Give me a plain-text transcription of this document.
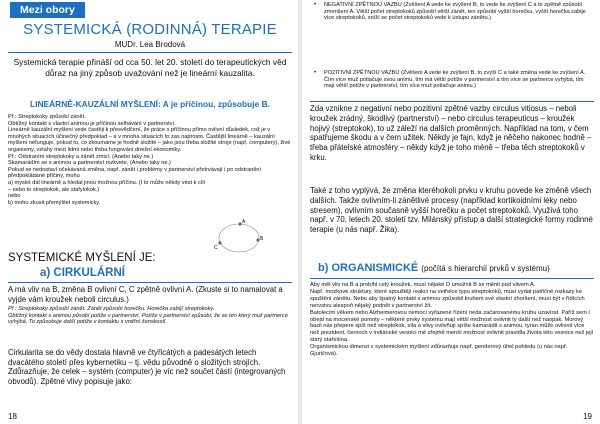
Mezi obory
SYSTEMICKÁ (RODINNÁ) TERAPIE
MUDr. Lea Brodová
Systemická terapie přináší od cca 50. let 20. století do terapeutických věd důraz na jiný způsob uvažování než je lineární kauzalita.
LINEÁRNĚ-KAUZÁLNÍ MYŠLENÍ: A je příčinou, způsobuje B.

Př.: Streptokoky způsobí zánět.

Obtížný kontakt s vlastní animou je příčinou selhávání v partnerství.

Lineárně kauzální myšlení vede častěji k přesvědčení, že práce s příčinou přímo ovlivní důsledek, což je v mnohých situacích účinečný předpoklad – a v mnoha situacích to zas naprosto. Častější lineárně – kauzální myšlení nefunguje, pokud to, co zkoumáme je hodně složité – jako jsou třeba složité stroje (např. computery), živé organismy, vztahy mezi lidmi nebo třeba fungování dnešní ekonomiky.

Př.: Odstraním streptokoky a zánět zmizí. (Anebo taky ne.)

Skamarádím se s animou a partnerství rozkvete. (Anebo taky ne.)

Pokud se nedostaví očekávaná změna, např. zánět i problémy v partnerství přetrvávají i po odstranění předpokládané příčiny, mohu

a) myslet dál lineárně a hledat jinou možnou příčinu. (I to může někdy vést k cíli – nebo to streptokok, ale stafylokok.)

nebo

b) mohu zkusit přemýšlet systemicky.

A
B
C
SYSTEMICKÉ MYŠLENÍ JE:
a) CIRKULÁRNÍ
A má vliv na B, změna B ovlivní C, C zpětně ovlivní A. (Zkuste si to namalovat a vyjde vám kroužek neboli circulus.)

Př.: Streptokoky způsobí zánět. Zánět způsobí horečku. Horečka zabíjí streptokoky.

Obtížný kontakt s animou působí potíže v partnerství. Potíže v partnerství způsobí, že se ten který muž partnerce vyhýbá. To způsobuje další potíže v kontaktu s vnitřní ženskostí.

Cirkularita se do vědy dostala hlavně ve čtyřicátých a padesátých letech dvacátého století přes kybernetiku – tj. vědu původně o složitých strojích. Zdůrazňuje, že celek – systém (computer) je víc než součet částí (integrovaných obvodů). Zpětné vlivy popisuje jako:
18
• NEGATIVNÍ ZPĚTNOU VAZBU (Zvěšení A vede ke zvýšení B, to vede ke zvýšení C a to zpětně způsobí zmenšení A. Větší počet streptokoků způsobí větší zánět, ten způsobí vyšší horečku, vyšší horečka zabije více streptokoků, sníží se počet streptokoků vede k ústupu zánětu.)
• POZITIVNÍ ZPĚTNOU VAZBU (Zvěšení A vede ke zvýšení B, to zvýší C a také změna vede ke zvýšení A. Čím více muž potlačuje svou animu, tím má větší potíže v partnerství a tím více se partnerce vyhýbá, tím mají větší potíže v partnerství, tím více muž potlačuje animu.)
Zda vznikne z negativní nebo pozitivní zpětné vazby circulus vitiosus – neboli kroužek zrádný, škodlivý (partnerství) – nebo circulus terapeuticus – kroužek hojivý (streptokok), to už záleží na dalších proměnných. Například na tom, v čem spatřujeme škodu a v čem užitek. Někdy je fajn, když je něčeho nakonec hodně – třeba přátelské atmosféry – někdy když je toho méně – třeba těch streptokoků v krku.
Také z toho vyplývá, že změna kteréhokoli prvku v kruhu povede ke změně všech dalších. Takže ovlivním-li zánětlivé procesy (například kortikoidními léky nebo stresem), ovlivním současně vyšší horečku a počet streptokoků. Využívá toho např. v 70. letech 20. století tzv. Milánský přístup a další strategické formy rodinné terapie (u nás např. Žika).
b) ORGANISMICKÉ (počítá s hierarchií prvků v systému)

Aby měl vliv na B a probíhl celý kroužek, musí nějaké D umožnit B se měnit pod vlivem A.

Např. mozkové struktury, které spouštějí reakci na vetřelce typu streptokoků, musí vydat patřičné rozkazy ke spuštění zánětu. Nebo aby špatný kontakt s animou způsobil kruhem své vlastní zhoršení, musí být v řídících nervstvu alespoň nějaký podnět v partnerství žít.

Batolecím věkem nebo Alzheimerovou nemocí vyřazené řízení neda začarovanému kruhu uzavírat. Paříž sem i obejd na mocenské pomoty – některé prvky systému mají větší možnost ovlivnit ty další než naopak. Morový bacil nás přepere spíš než streptokok, síla a vlivy ovlivňují spíše kamarádit s animou, tyran může ovlivnit více než prezident, černoch v indiánské vesnici mé zřejmě menší možnost ovlivnit pravidla života této vesnice než její starý stařešina.

Organismickou dimenzi v systemickém myšlení zdůrazňuje např. genderový úhel pohledu (u nás např. Gjuričová).

19
